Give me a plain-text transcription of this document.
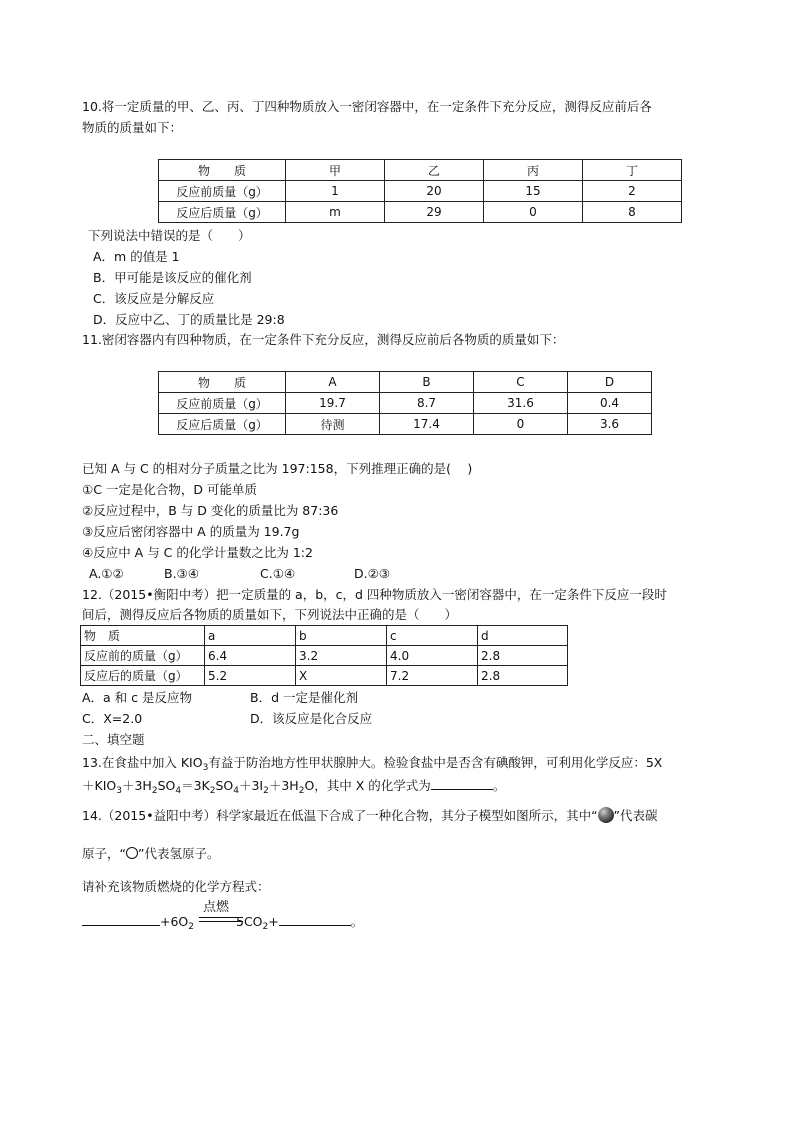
10.将一定质量的甲、乙、丙、丁四种物质放入一密闭容器中，在一定条件下充分反应，测得反应前后各
物质的质量如下：
物　　质	甲	乙	丙	丁
反应前质量（g）	1	20	15	2
反应后质量（g）	m	29	0	8
下列说法中错误的是（　　）
A．m 的值是 1
B．甲可能是该反应的催化剂
C．该反应是分解反应
D．反应中乙、丁的质量比是 29:8
11.密闭容器内有四种物质，在一定条件下充分反应，测得反应前后各物质的质量如下：
物　　质	A	B	C	D
反应前质量（g）	19.7	8.7	31.6	0.4
反应后质量（g）	待测	17.4	0	3.6
已知 A 与 C 的相对分子质量之比为 197:158，下列推理正确的是(　 )
①C 一定是化合物，D 可能单质
②反应过程中，B 与 D 变化的质量比为 87:36
③反应后密闭容器中 A 的质量为 19.7g
④反应中 A 与 C 的化学计量数之比为 1:2
A.①②	B.③④	C.①④	D.②③
12.（2015•衡阳中考）把一定质量的 a，b，c，d 四种物质放入一密闭容器中，在一定条件下反应一段时
间后，测得反应后各物质的质量如下，下列说法中正确的是（　　）
物　质	a	b	c	d
反应前的质量（g）	6.4	3.2	4.0	2.8
反应后的质量（g）	5.2	X	7.2	2.8
A．a 和 c 是反应物	B．d 一定是催化剂
C．X=2.0	D．该反应是化合反应
二、填空题
13.在食盐中加入 $KIO_3$有益于防治地方性甲状腺肿大。检验食盐中是否含有碘酸钾，可利用化学反应：5X
$+KIO_3+3H_2SO_4=3K_2SO_4+3I_2+3H_2O$，其中 X 的化学式为	。
14.（2015•益阳中考）科学家最近在低温下合成了一种化合物，其分子模型如图所示，其中“ ”代表碳
原子，“ ”代表氢原子。
请补充该物质燃烧的化学方程式：
$+6O_2$	$5CO_2+$	。
点燃
